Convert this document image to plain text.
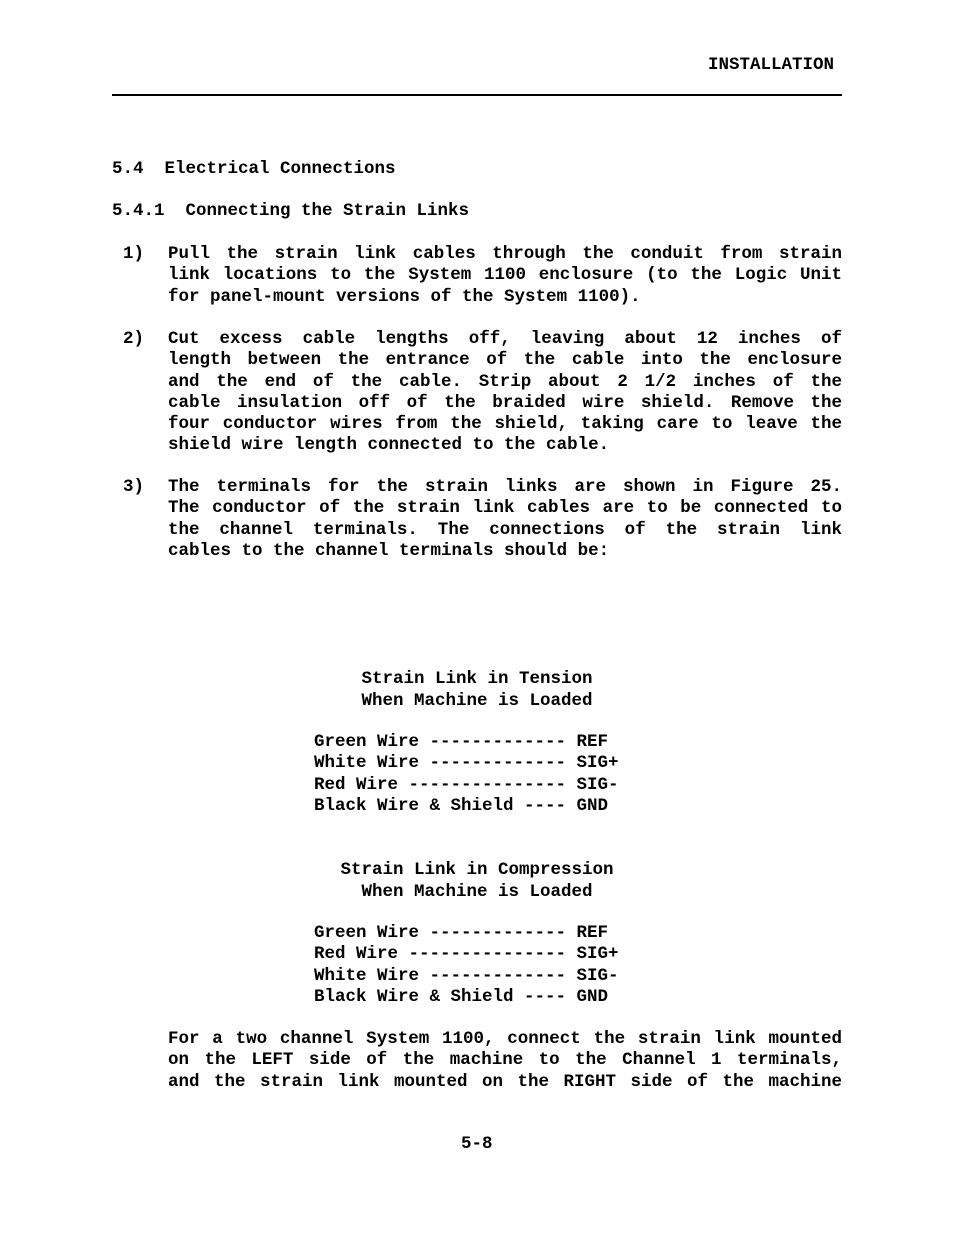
INSTALLATION
5.4  Electrical Connections
5.4.1  Connecting the Strain Links
1) Pull the strain link cables through the conduit from strain
link locations to the System 1100 enclosure (to the Logic Unit
for panel-mount versions of the System 1100).
2) Cut excess cable lengths off, leaving about 12 inches of
length between the entrance of the cable into the enclosure
and the end of the cable. Strip about 2 1/2 inches of the
cable insulation off of the braided wire shield. Remove the
four conductor wires from the shield, taking care to leave the
shield wire length connected to the cable.
3) The terminals for the strain links are shown in Figure 25.
The conductor of the strain link cables are to be connected to
the channel terminals. The connections of the strain link
cables to the channel terminals should be:
Strain Link in Tension
When Machine is Loaded
Green Wire ------------- REF
White Wire ------------- SIG+
Red Wire --------------- SIG-
Black Wire & Shield ---- GND
Strain Link in Compression
When Machine is Loaded
Green Wire ------------- REF
Red Wire --------------- SIG+
White Wire ------------- SIG-
Black Wire & Shield ---- GND
For a two channel System 1100, connect the strain link mounted
on the LEFT side of the machine to the Channel 1 terminals,
and the strain link mounted on the RIGHT side of the machine
5-8
